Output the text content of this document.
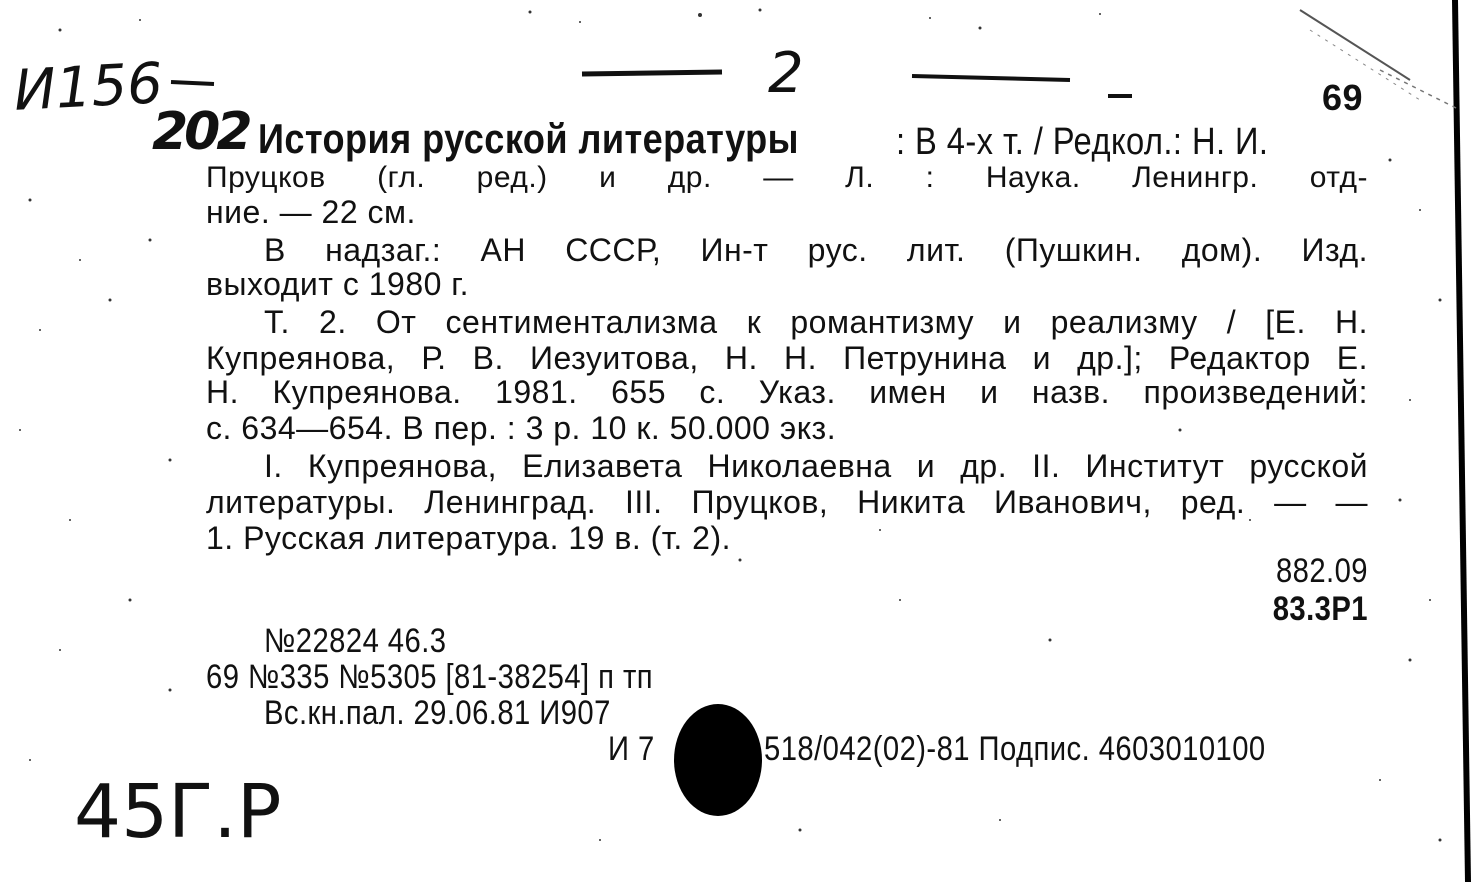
И156	2
202
45Г.Р
69
История русской литературы	: В 4-х т. / Редкол.: Н. И.
Пруцков (гл. ред.) и др. — Л. : Наука. Ленингр. отд-
ние. — 22 см.
В надзаг.: АН СССР, Ин-т рус. лит. (Пушкин. дом). Изд.
выходит с 1980 г.
Т. 2. От сентиментализма к романтизму и реализму / [Е. Н.
Купреянова, Р. В. Иезуитова, Н. Н. Петрунина и др.]; Редактор Е.
Н. Купреянова. 1981. 655 с. Указ. имен и назв. произведений:
с. 634—654. В пер. : 3 р. 10 к. 50.000 экз.
I. Купреянова, Елизавета Николаевна и др. II. Институт русской
литературы. Ленинград. III. Пруцков, Никита Иванович, ред. — —
1. Русская литература. 19 в. (т. 2).
882.09
83.3Р1
№22824 46.3
69 №335 №5305 [81-38254] п тп
Вс.кн.пал. 29.06.81 И907
И 7	518/042(02)-81 Подпис. 4603010100
